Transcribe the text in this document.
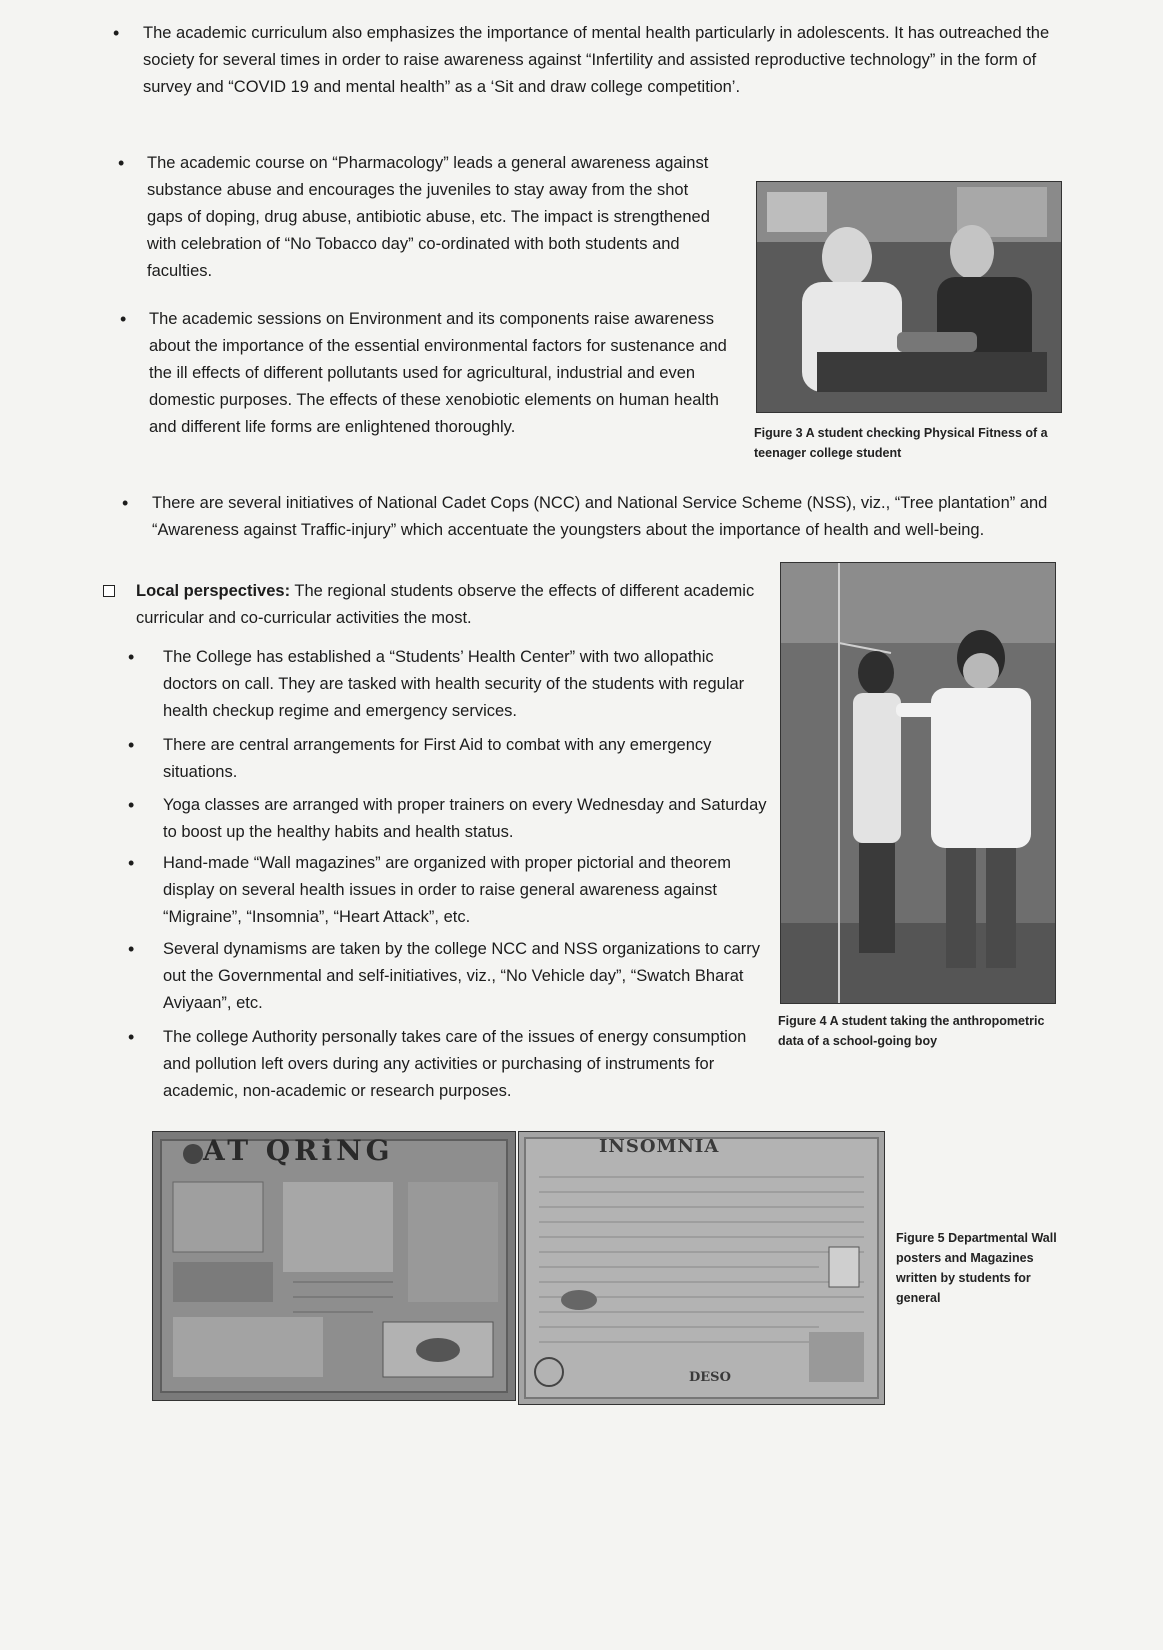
• The academic curriculum also emphasizes the importance of mental health particularly in adolescents. It has outreached the society for several times in order to raise awareness against “Infertility and assisted reproductive technology” in the form of survey and “COVID 19 and mental health” as a ‘Sit and draw college competition’.

• The academic course on “Pharmacology” leads a general awareness against substance abuse and encourages the juveniles to stay away from the shot gaps of doping, drug abuse, antibiotic abuse, etc. The impact is strengthened with celebration of “No Tobacco day” co-ordinated with both students and faculties.

• The academic sessions on Environment and its components raise awareness about the importance of the essential environmental factors for sustenance and the ill effects of different pollutants used for agricultural, industrial and even domestic purposes. The effects of these xenobiotic elements on human health and different life forms are enlightened thoroughly.

• There are several initiatives of National Cadet Cops (NCC) and National Service Scheme (NSS), viz., “Tree plantation” and “Awareness against Traffic-injury” which accentuate the youngsters about the importance of health and well-being.

Figure 3 A student checking Physical Fitness of a teenager college student

Local perspectives: The regional students observe the effects of different academic curricular and co-curricular activities the most.

• The College has established a “Students’ Health Center” with two allopathic doctors on call. They are tasked with health security of the students with regular health checkup regime and emergency services.

• There are central arrangements for First Aid to combat with any emergency situations.

• Yoga classes are arranged with proper trainers on every Wednesday and Saturday to boost up the healthy habits and health status.

• Hand-made “Wall magazines” are organized with proper pictorial and theorem display on several health issues in order to raise general awareness against “Migraine”, “Insomnia”, “Heart Attack”, etc.

• Several dynamisms are taken by the college NCC and NSS organizations to carry out the Governmental and self-initiatives, viz., “No Vehicle day”, “Swatch Bharat Aviyaan”, etc.

• The college Authority personally takes care of the issues of energy consumption and pollution left overs during any activities or purchasing of instruments for academic, non-academic or research purposes.

Figure 4 A student taking the anthropometric data of a school-going boy
AT QRiNG	INSOMNIA
DESO
Figure 5 Departmental Wall posters and Magazines written by students for general
